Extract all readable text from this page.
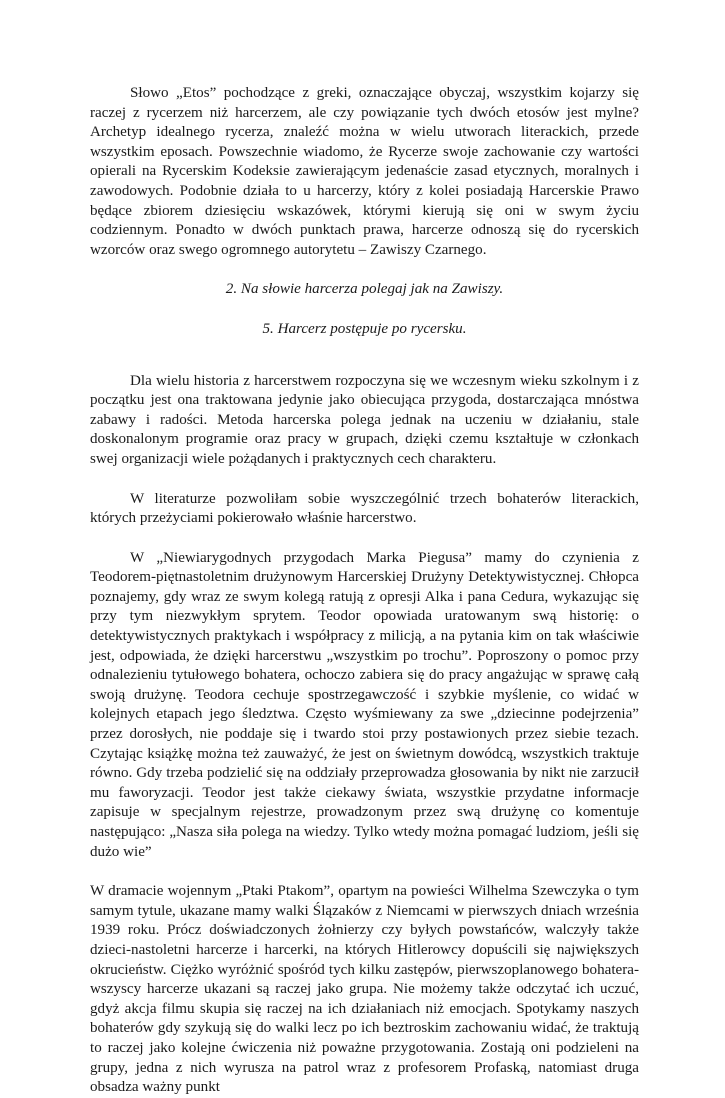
Słowo „Etos” pochodzące z greki, oznaczające obyczaj, wszystkim kojarzy się raczej z rycerzem niż harcerzem, ale czy powiązanie tych dwóch etosów jest mylne? Archetyp idealnego rycerza, znaleźć można w wielu utworach literackich, przede wszystkim eposach. Powszechnie wiadomo, że Rycerze swoje zachowanie czy wartości opierali na Rycerskim Kodeksie zawierającym jedenaście zasad etycznych, moralnych i zawodowych. Podobnie działa to u harcerzy, który z kolei posiadają Harcerskie Prawo będące zbiorem dziesięciu wskazówek, którymi kierują się oni w swym życiu codziennym. Ponadto w dwóch punktach prawa, harcerze odnoszą się do rycerskich wzorców oraz swego ogromnego autorytetu – Zawiszy Czarnego.

2. Na słowie harcerza polegaj jak na Zawiszy.

5. Harcerz postępuje po rycersku.

Dla wielu historia z harcerstwem rozpoczyna się we wczesnym wieku szkolnym i z początku jest ona traktowana jedynie jako obiecująca przygoda, dostarczająca mnóstwa zabawy i radości. Metoda harcerska polega jednak na uczeniu w działaniu, stale doskonalonym programie oraz pracy w grupach, dzięki czemu kształtuje w członkach swej organizacji wiele pożądanych i praktycznych cech charakteru.

W literaturze pozwoliłam sobie wyszczególnić trzech bohaterów literackich, których przeżyciami pokierowało właśnie harcerstwo.

W „Niewiarygodnych przygodach Marka Piegusa” mamy do czynienia z Teodorem-piętnastoletnim drużynowym Harcerskiej Drużyny Detektywistycznej. Chłopca poznajemy, gdy wraz ze swym kolegą ratują z opresji Alka i pana Cedura, wykazując się przy tym niezwykłym sprytem. Teodor opowiada uratowanym swą historię: o detektywistycznych praktykach i współpracy z milicją, a na pytania kim on tak właściwie jest, odpowiada, że dzięki harcerstwu „wszystkim po trochu”. Poproszony o pomoc przy odnalezieniu tytułowego bohatera, ochoczo zabiera się do pracy angażując w sprawę całą swoją drużynę. Teodora cechuje spostrzegawczość i szybkie myślenie, co widać w kolejnych etapach jego śledztwa. Często wyśmiewany za swe „dziecinne podejrzenia” przez dorosłych, nie poddaje się i twardo stoi przy postawionych przez siebie tezach. Czytając książkę można też zauważyć, że jest on świetnym dowódcą, wszystkich traktuje równo. Gdy trzeba podzielić się na oddziały przeprowadza głosowania by nikt nie zarzucił mu faworyzacji. Teodor jest także ciekawy świata, wszystkie przydatne informacje zapisuje w specjalnym rejestrze, prowadzonym przez swą drużynę co komentuje następująco: „Nasza siła polega na wiedzy. Tylko wtedy można pomagać ludziom, jeśli się dużo wie”

W dramacie wojennym „Ptaki Ptakom”, opartym na powieści Wilhelma Szewczyka o tym samym tytule, ukazane mamy walki Ślązaków z Niemcami w pierwszych dniach września 1939 roku. Prócz doświadczonych żołnierzy czy byłych powstańców, walczyły także dzieci-nastoletni harcerze i harcerki, na których Hitlerowcy dopuścili się największych okrucieństw. Ciężko wyróżnić spośród tych kilku zastępów, pierwszoplanowego bohatera-wszyscy harcerze ukazani są raczej jako grupa. Nie możemy także odczytać ich uczuć, gdyż akcja filmu skupia się raczej na ich działaniach niż emocjach. Spotykamy naszych bohaterów gdy szykują się do walki lecz po ich beztroskim zachowaniu widać, że traktują to raczej jako kolejne ćwiczenia niż poważne przygotowania. Zostają oni podzieleni na grupy, jedna z nich wyrusza na patrol wraz z profesorem Profaską, natomiast druga obsadza ważny punkt
